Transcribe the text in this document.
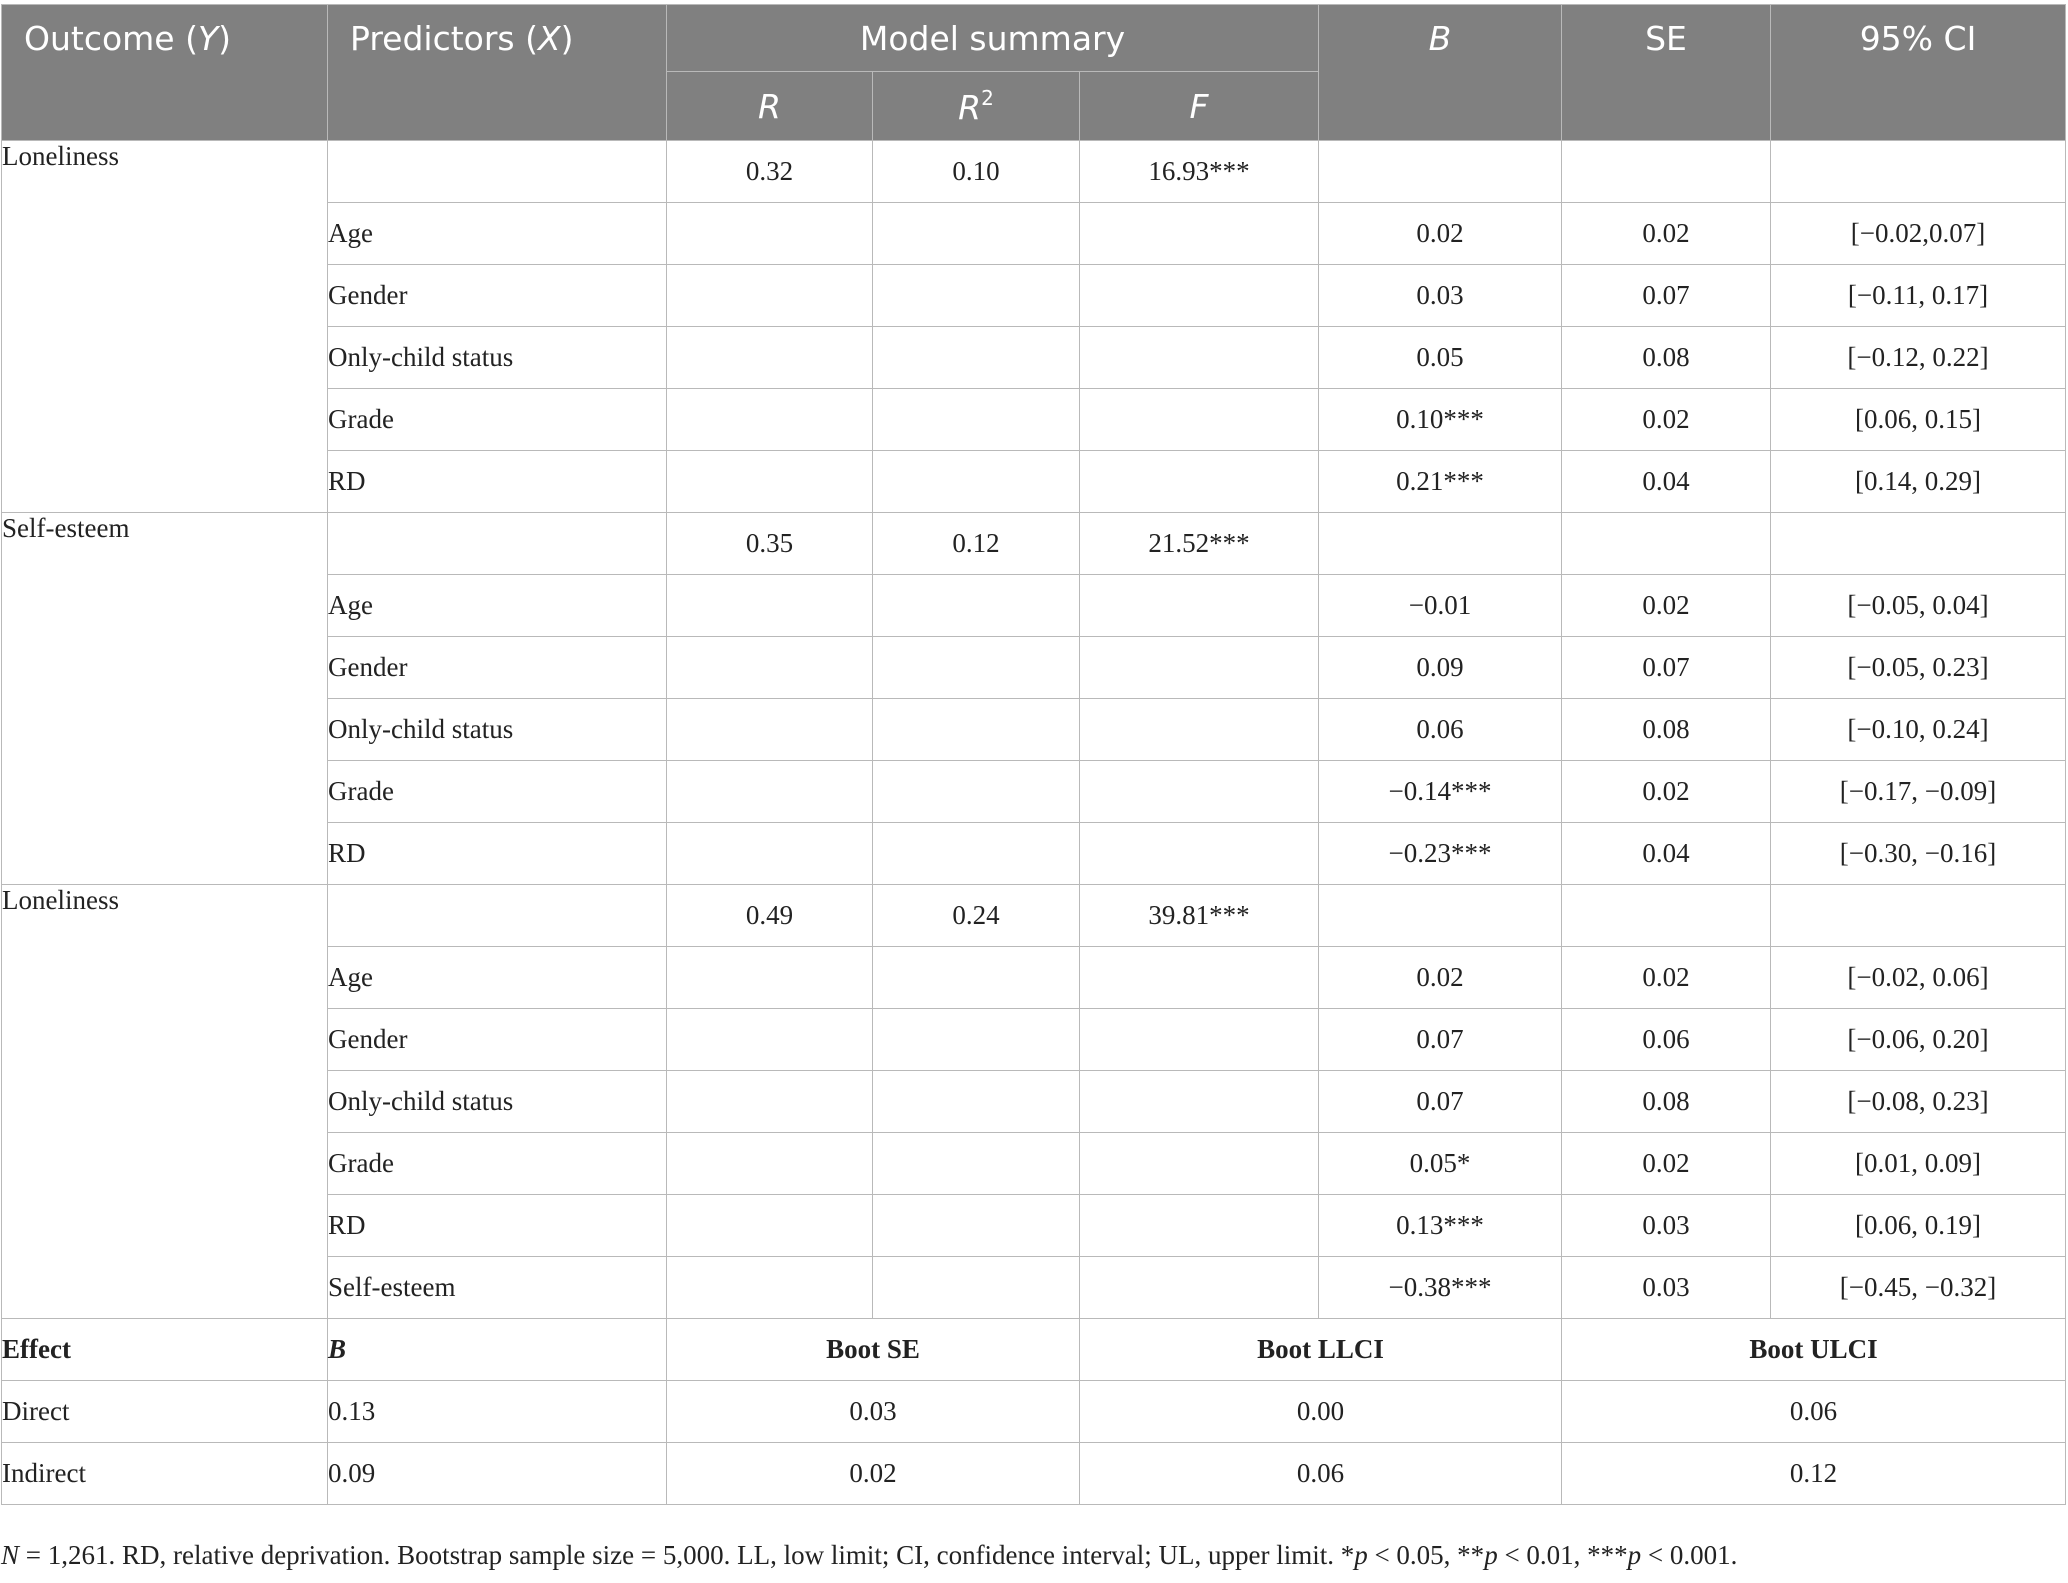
Outcome (Y)	Predictors (X)	Model summary			B	SE	95% CI
		R	$R^2$	F			
Loneliness		0.32	0.10	16.93***			
	Age				0.02	0.02	[−0.02,0.07]
	Gender				0.03	0.07	[−0.11, 0.17]
	Only-child status				0.05	0.08	[−0.12, 0.22]
	Grade				0.10***	0.02	[0.06, 0.15]
	RD				0.21***	0.04	[0.14, 0.29]
Self-esteem		0.35	0.12	21.52***			
	Age				−0.01	0.02	[−0.05, 0.04]
	Gender				0.09	0.07	[−0.05, 0.23]
	Only-child status				0.06	0.08	[−0.10, 0.24]
	Grade				−0.14***	0.02	[−0.17, −0.09]
	RD				−0.23***	0.04	[−0.30, −0.16]
Loneliness		0.49	0.24	39.81***			
	Age				0.02	0.02	[−0.02, 0.06]
	Gender				0.07	0.06	[−0.06, 0.20]
	Only-child status				0.07	0.08	[−0.08, 0.23]
	Grade				0.05*	0.02	[0.01, 0.09]
	RD				0.13***	0.03	[0.06, 0.19]
	Self-esteem				−0.38***	0.03	[−0.45, −0.32]
Effect	B	Boot SE		Boot LLCI		Boot ULCI	
Direct	0.13	0.03		0.00		0.06	
Indirect	0.09	0.02		0.06		0.12	
N = 1,261. RD, relative deprivation. Bootstrap sample size = 5,000. LL, low limit; CI, confidence interval; UL, upper limit. *p < 0.05, **p < 0.01, ***p < 0.001.
